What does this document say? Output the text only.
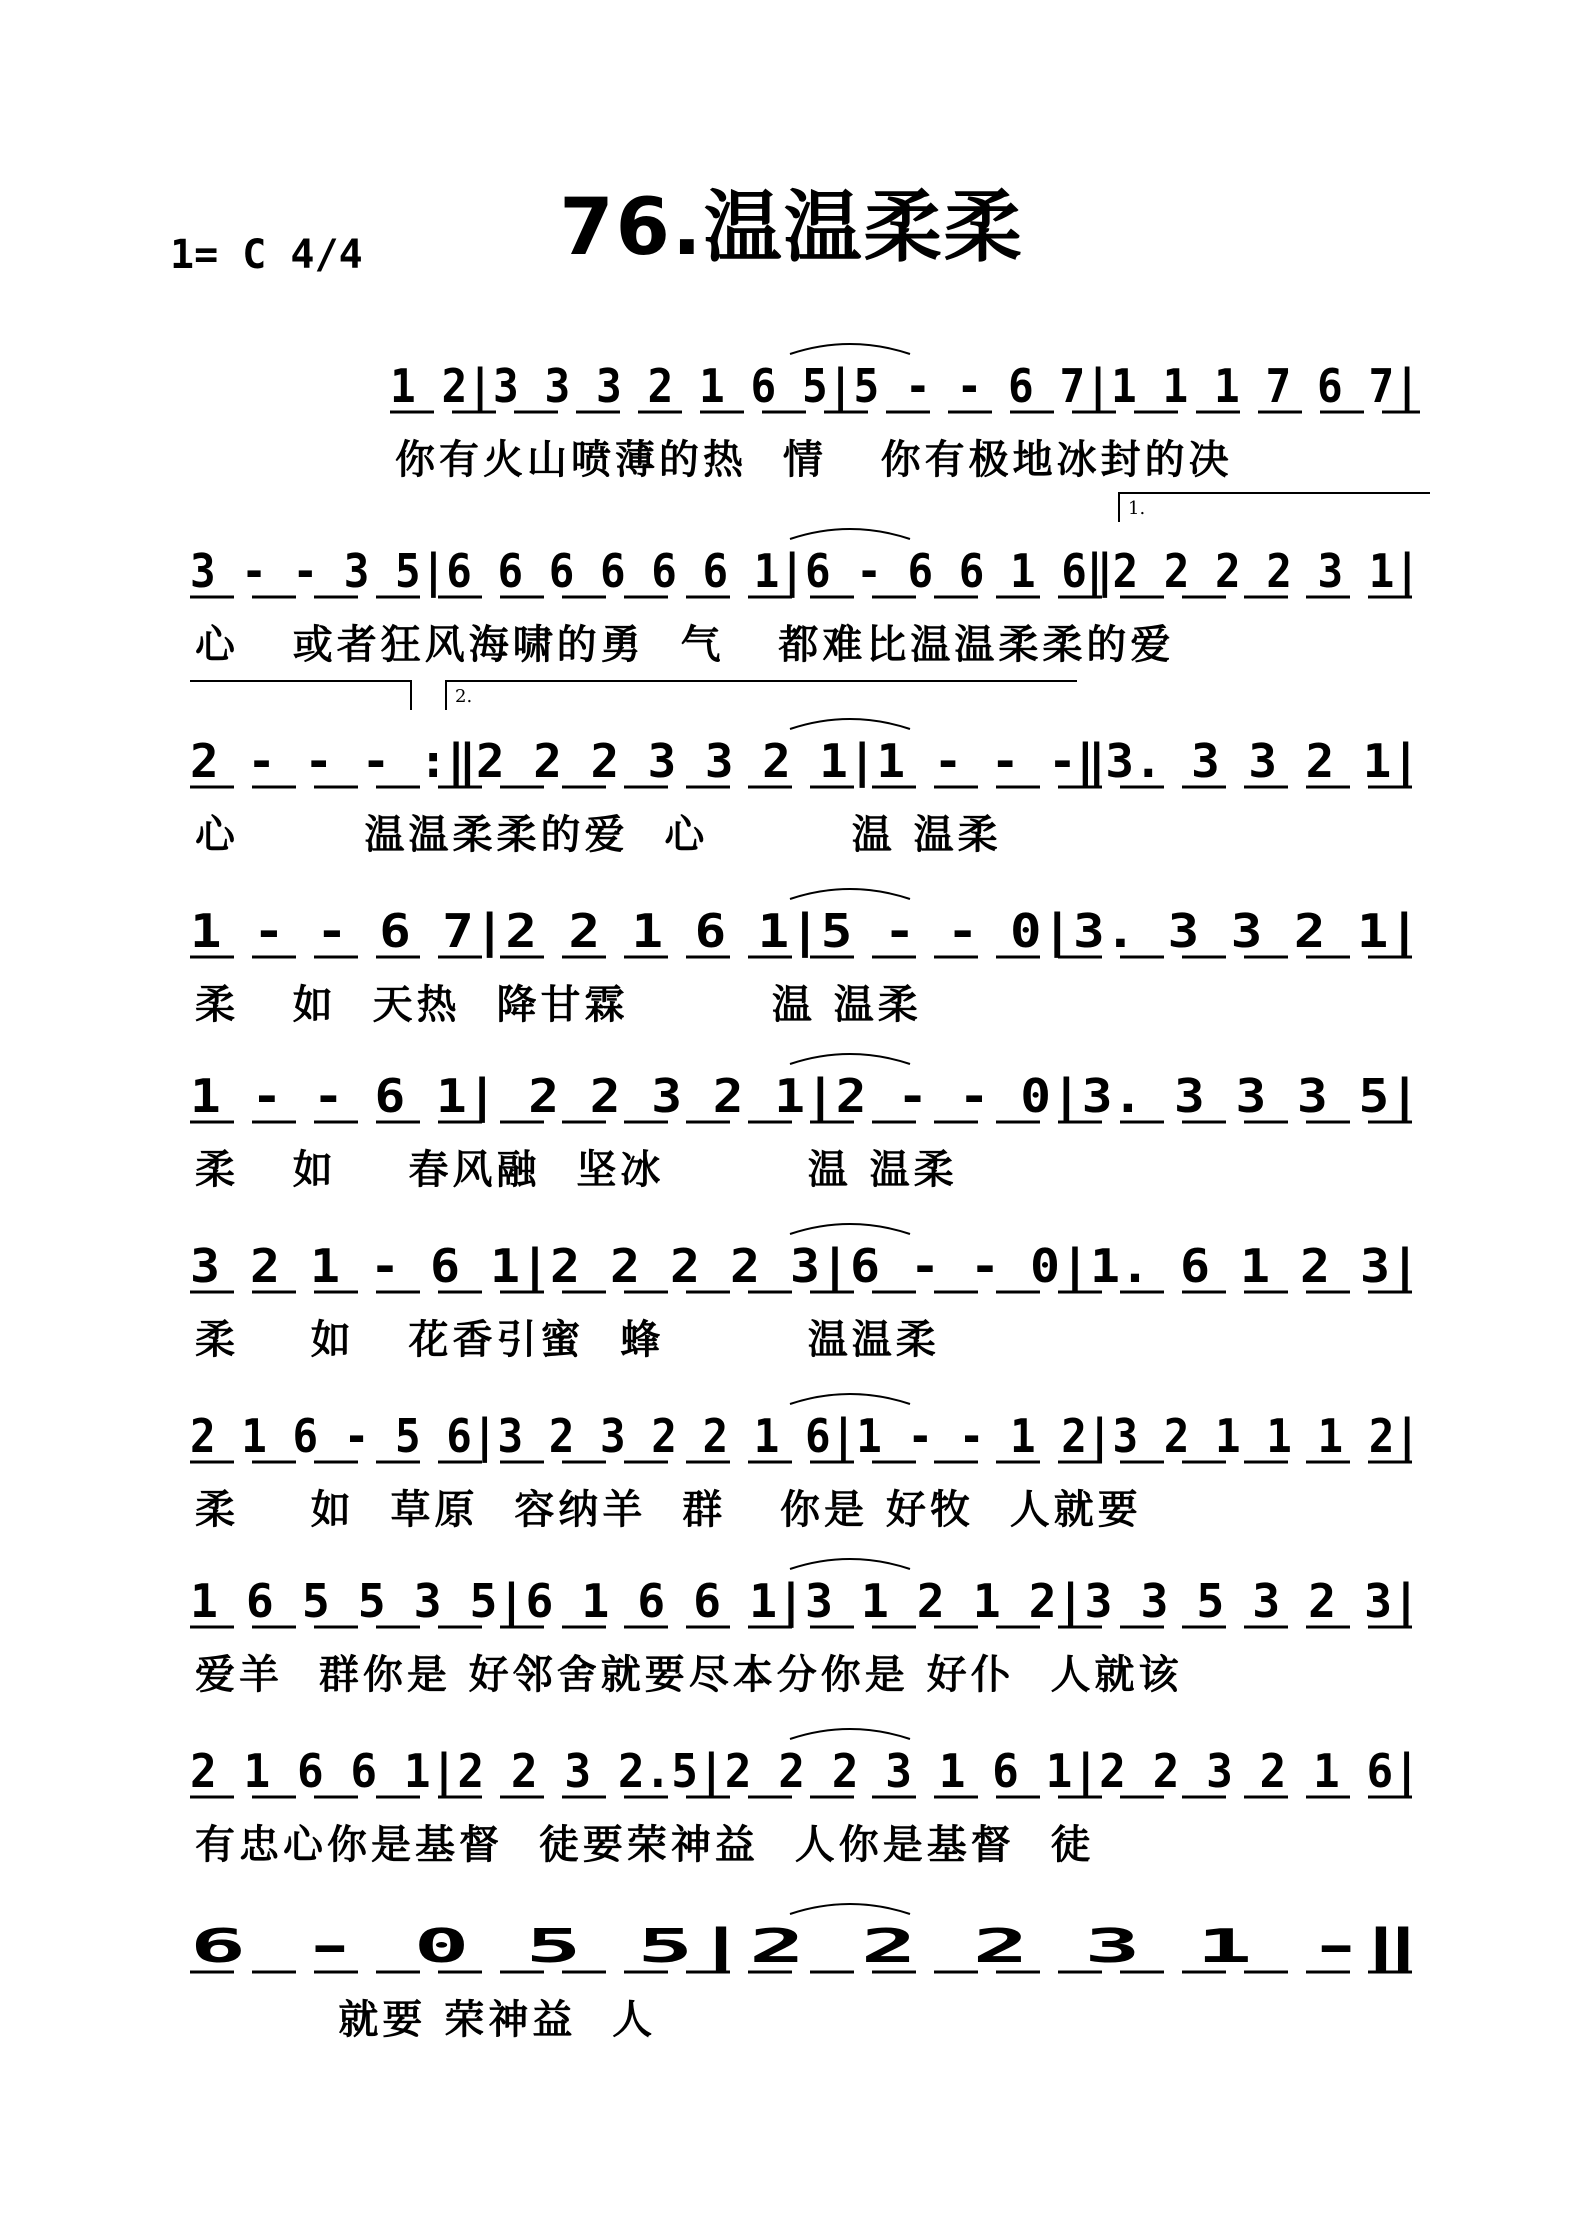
76.温温柔柔
1= C 4/4
1 2|3 3 3 2 1 6 5|5 - - 6 7|1 1 1 7 6 7|
你有火山喷薄的热  情   你有极地冰封的决
3 - - 3 5|6 6 6 6 6 6 1|6 - 6 6 1 6‖2 2 2 2 3 1|
心   或者狂风海啸的勇  气   都难比温温柔柔的爱
2 - - - :‖2 2 2 3 3 2 1|1 - - -‖3. 3 3 2 1|
心       温温柔柔的爱  心        温 温柔
1 - - 6 7|2 2 1 6 1|5 - - 0|3. 3 3 2 1|
柔   如  天热  降甘霖        温 温柔
1 - - 6 1| 2 2 3 2 1|2 - - 0|3. 3 3 3 5|
柔   如    春风融  坚冰        温 温柔
3 2 1 - 6 1|2 2 2 2 3|6 - - 0|1. 6 1 2 3|
柔    如   花香引蜜  蜂        温温柔
2 1 6 - 5 6|3 2 3 2 2 1 6|1 - - 1 2|3 2 1 1 1 2|
柔    如  草原  容纳羊  群   你是 好牧  人就要
1 6 5 5 3 5|6 1 6 6 1|3 1 2 1 2|3 3 5 3 2 3|
爱羊  群你是 好邻舍就要尽本分你是 好仆  人就该
2 1 6 6 1|2 2 3 2.5|2 2 2 3 1 6 1|2 2 3 2 1 6|
有忠心你是基督  徒要荣神益  人你是基督  徒
6 - 0 5 5|2 2 2 3 1 -‖
就要 荣神益  人
1.
2.
